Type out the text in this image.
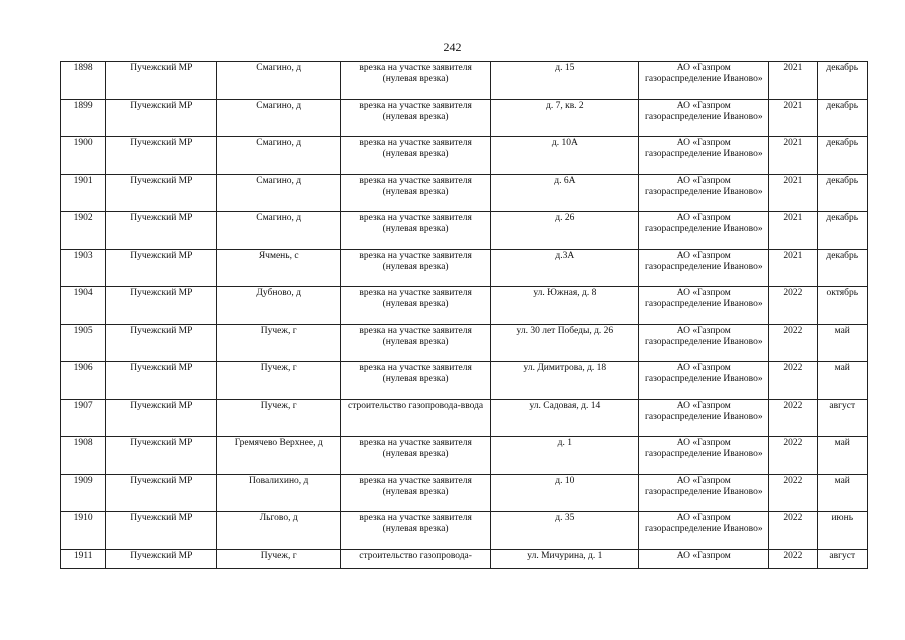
242
1898	Пучежский МР	Смагино, д	врезка на участке заявителя (нулевая врезка)	д. 15	АО «Газпром газораспределение Иваново»	2021	декабрь
1899	Пучежский МР	Смагино, д	врезка на участке заявителя (нулевая врезка)	д. 7, кв. 2	АО «Газпром газораспределение Иваново»	2021	декабрь
1900	Пучежский МР	Смагино, д	врезка на участке заявителя (нулевая врезка)	д. 10А	АО «Газпром газораспределение Иваново»	2021	декабрь
1901	Пучежский МР	Смагино, д	врезка на участке заявителя (нулевая врезка)	д. 6А	АО «Газпром газораспределение Иваново»	2021	декабрь
1902	Пучежский МР	Смагино, д	врезка на участке заявителя (нулевая врезка)	д. 26	АО «Газпром газораспределение Иваново»	2021	декабрь
1903	Пучежский МР	Ячмень, с	врезка на участке заявителя (нулевая врезка)	д.3А	АО «Газпром газораспределение Иваново»	2021	декабрь
1904	Пучежский МР	Дубново, д	врезка на участке заявителя (нулевая врезка)	ул. Южная, д. 8	АО «Газпром газораспределение Иваново»	2022	октябрь
1905	Пучежский МР	Пучеж, г	врезка на участке заявителя (нулевая врезка)	ул. 30 лет Победы, д. 26	АО «Газпром газораспределение Иваново»	2022	май
1906	Пучежский МР	Пучеж, г	врезка на участке заявителя (нулевая врезка)	ул. Димитрова, д. 18	АО «Газпром газораспределение Иваново»	2022	май
1907	Пучежский МР	Пучеж, г	строительство газопровода-ввода	ул. Садовая, д. 14	АО «Газпром газораспределение Иваново»	2022	август
1908	Пучежский МР	Гремячево Верхнее, д	врезка на участке заявителя (нулевая врезка)	д. 1	АО «Газпром газораспределение Иваново»	2022	май
1909	Пучежский МР	Повалихино, д	врезка на участке заявителя (нулевая врезка)	д. 10	АО «Газпром газораспределение Иваново»	2022	май
1910	Пучежский МР	Льгово, д	врезка на участке заявителя (нулевая врезка)	д. 35	АО «Газпром газораспределение Иваново»	2022	июнь
1911	Пучежский МР	Пучеж, г	строительство газопровода-	ул. Мичурина, д. 1	АО «Газпром	2022	август
